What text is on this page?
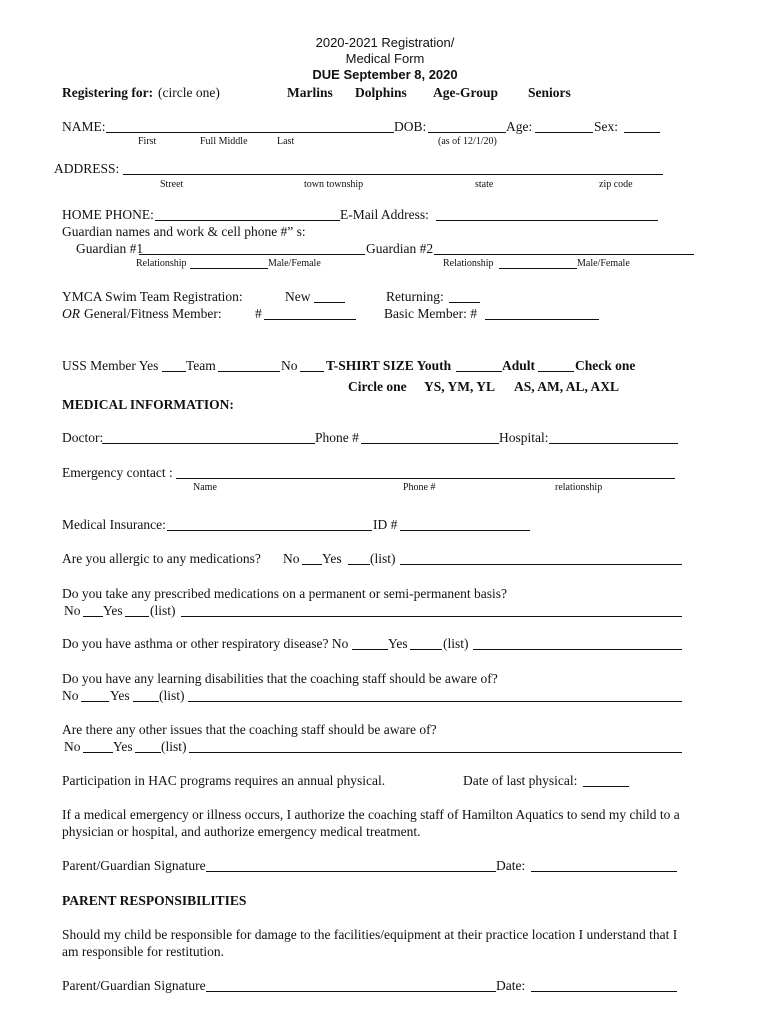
2020-2021 Registration/
Medical Form
DUE September 8, 2020
Registering for: (circle one)	Marlins Dolphins Age-Group Seniors
NAME:	DOB:	Age:	Sex:
First	Full Middle	Last	(as of 12/1/20)
ADDRESS:
Street	town township	state	zip code
HOME PHONE:	E-Mail Address:
Guardian names and work & cell phone #” s:
Guardian #1	Guardian #2
Relationship	Male/Female	Relationship	Male/Female
YMCA Swim Team Registration:	New	Returning:
OR General/Fitness Member: #	Basic Member: #
USS Member Yes Team	No T-SHIRT SIZE Youth	Adult	Check one
Circle one YS, YM, YL AS, AM, AL, AXL
MEDICAL INFORMATION:
Doctor:	Phone #	Hospital:
Emergency contact :
Name	Phone #	relationship
Medical Insurance:	ID #
Are you allergic to any medications? No Yes (list)
Do you take any prescribed medications on a permanent or semi-permanent basis?
No Yes (list)
Do you have asthma or other respiratory disease? No	Yes	(list)
Do you have any learning disabilities that the coaching staff should be aware of?
No Yes (list)
Are there any other issues that the coaching staff should be aware of?
No Yes (list)
Participation in HAC programs requires an annual physical.	Date of last physical:
If a medical emergency or illness occurs, I authorize the coaching staff of Hamilton Aquatics to send my child to a
physician or hospital, and authorize emergency medical treatment.
Parent/Guardian Signature	Date:
PARENT RESPONSIBILITIES
Should my child be responsible for damage to the facilities/equipment at their practice location I understand that I
am responsible for restitution.
Parent/Guardian Signature	Date:
